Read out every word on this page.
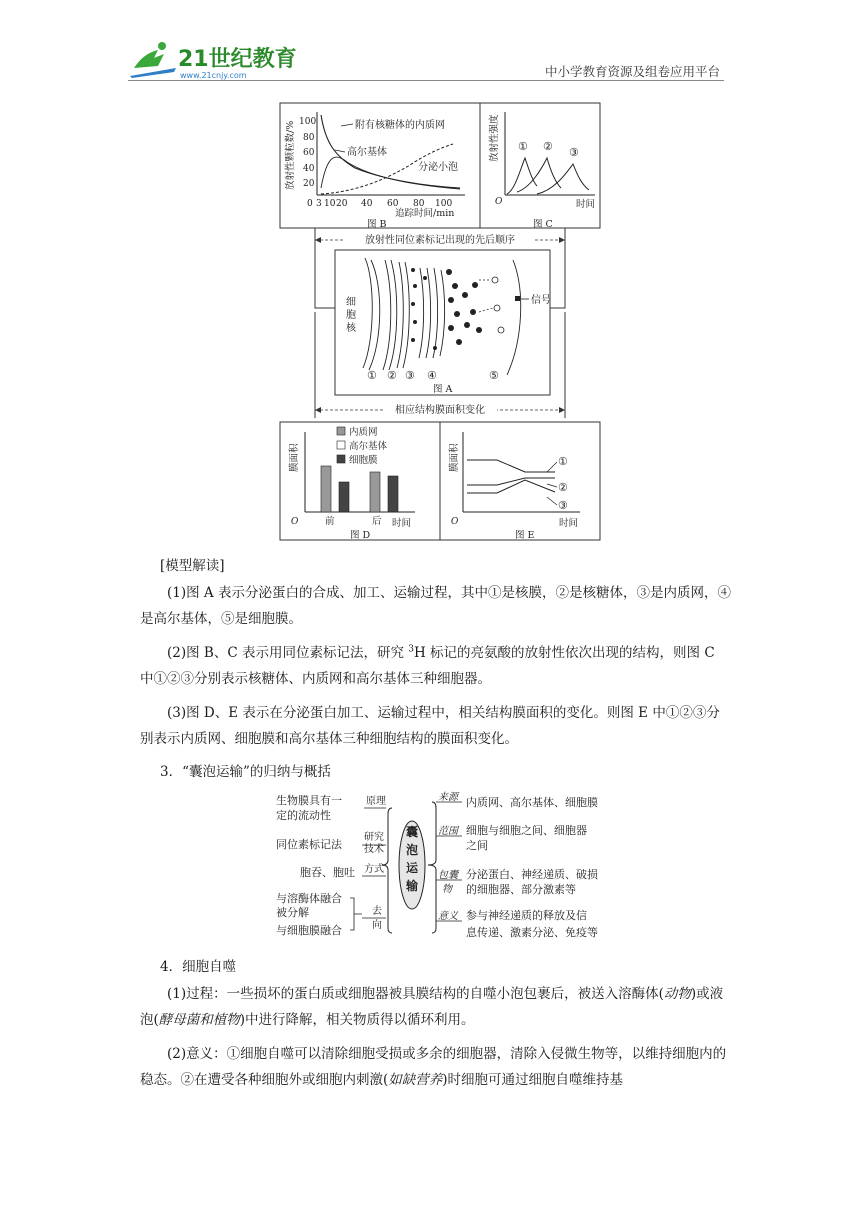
21世纪教育
www.21cnjy.com	中小学教育资源及组卷应用平台
100
80
60
40
20
0 3 10 20 40 60 80 100
追踪时间/min
放射性颗粒数/%	附有核糖体的内质网
高尔基体
分泌小泡
图 B
放射性强度
O	时间
① ② ③
图 C
放射性同位素标记出现的先后顺序
信号
细
胞
核
① ② ③ ④	⑤
图 A
相应结构膜面积变化
膜面积
O
内质网
高尔基体
细胞膜
前	后 时间
图 D
膜面积
O
①
②
③
时间
图 E
[模型解读]
(1)图 A 表示分泌蛋白的合成、加工、运输过程，其中①是核膜，②是核糖体，③是内质网，④是高尔基体，⑤是细胞膜。
(2)图 B、C 表示用同位素标记法，研究 $^3$H 标记的亮氨酸的放射性依次出现的结构，则图 C 中①②③分别表示核糖体、内质网和高尔基体三种细胞器。
(3)图 D、E 表示在分泌蛋白加工、运输过程中，相关结构膜面积的变化。则图 E 中①②③分别表示内质网、细胞膜和高尔基体三种细胞结构的膜面积变化。
3．“囊泡运输”的归纳与概括
囊
泡
运
输
生物膜具有一
定的流动性
原理
同位素标记法
研究
技术
胞吞、胞吐 方式
与溶酶体融合
被分解
与细胞膜融合
去
向
来源 内质网、高尔基体、细胞膜
范围 细胞与细胞之间、细胞器
之间
包囊
物
分泌蛋白、神经递质、破损
的细胞器、部分激素等
意义 参与神经递质的释放及信
息传递、激素分泌、免疫等
4．细胞自噬
(1)过程：一些损坏的蛋白质或细胞器被具膜结构的自噬小泡包裹后，被送入溶酶体(动物)或液泡(酵母菌和植物)中进行降解，相关物质得以循环利用。
(2)意义：①细胞自噬可以清除细胞受损或多余的细胞器，清除入侵微生物等，以维持细胞内的稳态。②在遭受各种细胞外或细胞内刺激(如缺营养)时细胞可通过细胞自噬维持基
